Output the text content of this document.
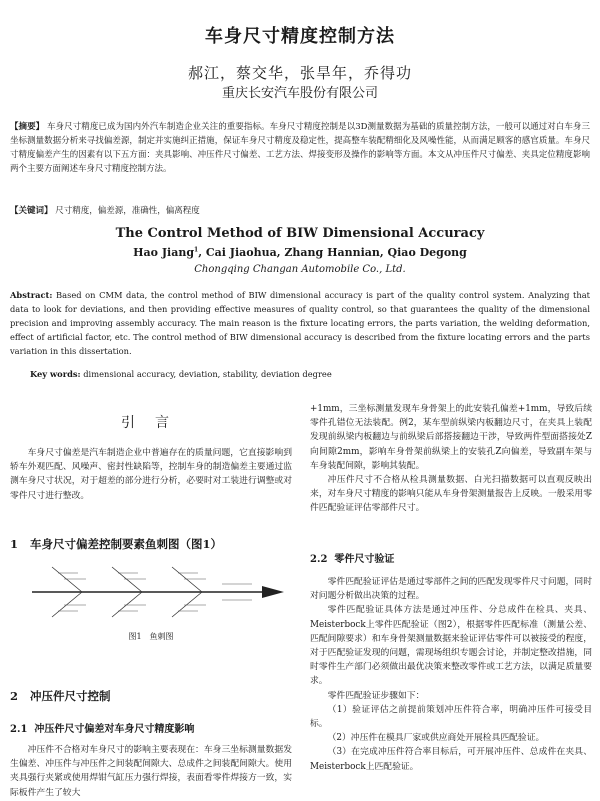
车身尺寸精度控制方法
郝江，蔡交华，张旱年，乔得功
重庆长安汽车股份有限公司
【摘要】 车身尺寸精度已成为国内外汽车制造企业关注的重要指标。车身尺寸精度控制是以3D测量数据为基础的质量控制方法，一般可以通过对白车身三坐标测量数据分析来寻找偏差源，制定并实施纠正措施，保证车身尺寸精度及稳定性，提高整车装配精细化及风噪性能，从而满足顾客的感官质量。车身尺寸精度偏差产生的因素有以下五方面：夹具影响、冲压件尺寸偏差、工艺方法、焊接变形及操作的影响等方面。本文从冲压件尺寸偏差、夹具定位精度影响两个主要方面阐述车身尺寸精度控制方法。
【关键词】 尺寸精度，偏差源，准确性，偏离程度
The Control Method of BIW Dimensional Accuracy
Hao Jiang$^1$, Cai Jiaohua, Zhang Hannian, Qiao Degong
Chongqing Changan Automobile Co., Ltd.
Abstract: Based on CMM data, the control method of BIW dimensional accuracy is part of the quality control system. Analyzing that data to look for deviations, and then providing effective measures of quality control, so that guarantees the quality of the dimensional precision and improving assembly accuracy. The main reason is the fixture locating errors, the parts variation, the welding deformation, effect of artificial factor, etc. The control method of BIW dimensional accuracy is described from the fixture locating errors and the parts variation in this dissertation.
Key words: dimensional accuracy, deviation, stability, deviation degree
引言

车身尺寸偏差是汽车制造企业中普遍存在的质量问题，它直接影响到轿车外观匹配、风噪声、密封性缺陷等，控制车身的制造偏差主要通过监测车身尺寸状况，对于超差的部分进行分析，必要时对工装进行调整或对零件尺寸进行整改。

1 车身尺寸偏差控制要素鱼刺图（图1）
图1　鱼刺图
2 冲压件尺寸控制
2.1 冲压件尺寸偏差对车身尺寸精度影响

冲压件不合格对车身尺寸的影响主要表现在：车身三坐标测量数据发生偏差、冲压件与冲压件之间装配间隙大、总成件之间装配间隙大。使用夹具强行夹紧或使用焊钳气缸压力强行焊接，表面看零件焊接方一致，实际板件产生了较大

+1mm，三坐标测量发现车身骨架上的此安装孔偏差+1mm，导致后续零件孔错位无法装配。例2，某车型前纵梁内板翻边尺寸，在夹具上装配发现前纵梁内板翻边与前纵梁后部搭接翻边干涉，导致两件型面搭接处Z向间隙2mm，影响车身骨架前纵梁上的安装孔Z向偏差，导致副车架与车身装配间隙，影响其装配。

冲压件尺寸不合格从检具测量数据、白光扫描数据可以直观反映出来，对车身尺寸精度的影响只能从车身骨架测量报告上反映。一般采用零件匹配验证评估零部件尺寸。

2.2 零件尺寸验证

零件匹配验证评估是通过零部件之间的匹配发现零件尺寸问题，同时对问题分析做出决策的过程。

零件匹配验证具体方法是通过冲压件、分总成件在检具、夹具、Meisterbock上零件匹配验证（图2），根据零件匹配标准（测量公差、匹配间隙要求）和车身骨架测量数据来验证评估零件可以被接受的程度，对于匹配验证发现的问题，需现场组织专题会讨论，并制定整改措施，同时零件生产部门必须做出最优决策来整改零件或工艺方法，以满足质量要求。

零件匹配验证步骤如下：

（1）验证评估之前提前策划冲压件符合率，明确冲压件可接受目标。

（2）冲压件在模具厂家或供应商处开展检具匹配验证。

（3）在完成冲压件符合率目标后，可开展冲压件、总成件在夹具、Meisterbock上匹配验证。
